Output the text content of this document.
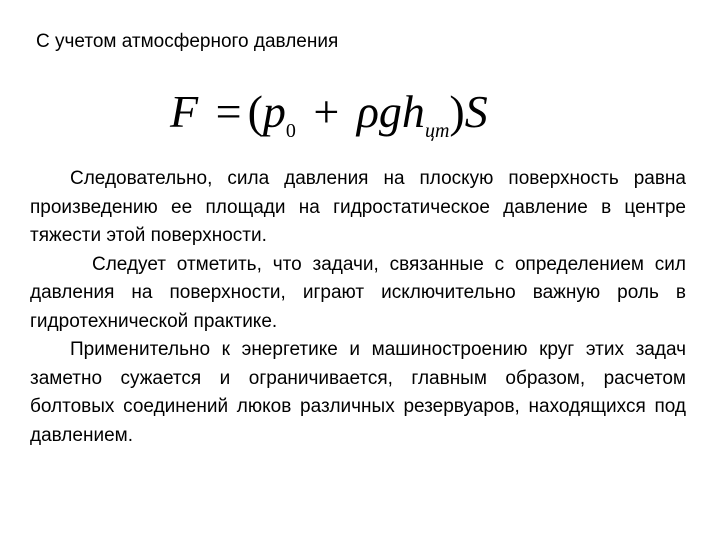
С учетом атмосферного давления
$F = (p_0 + \rho gh_{цт})S$

Следовательно, сила давления на плоскую поверхность равна произведению ее площади на гидростатическое давление в центре тяжести этой поверхности.

Следует отметить, что задачи, связанные с определением сил давления на поверхности, играют исключительно важную роль в гидротехнической практике.

Применительно к энергетике и машиностроению круг этих задач заметно сужается и ограничивается, главным образом, расчетом болтовых соединений люков различных резервуаров, находящихся под давлением.
